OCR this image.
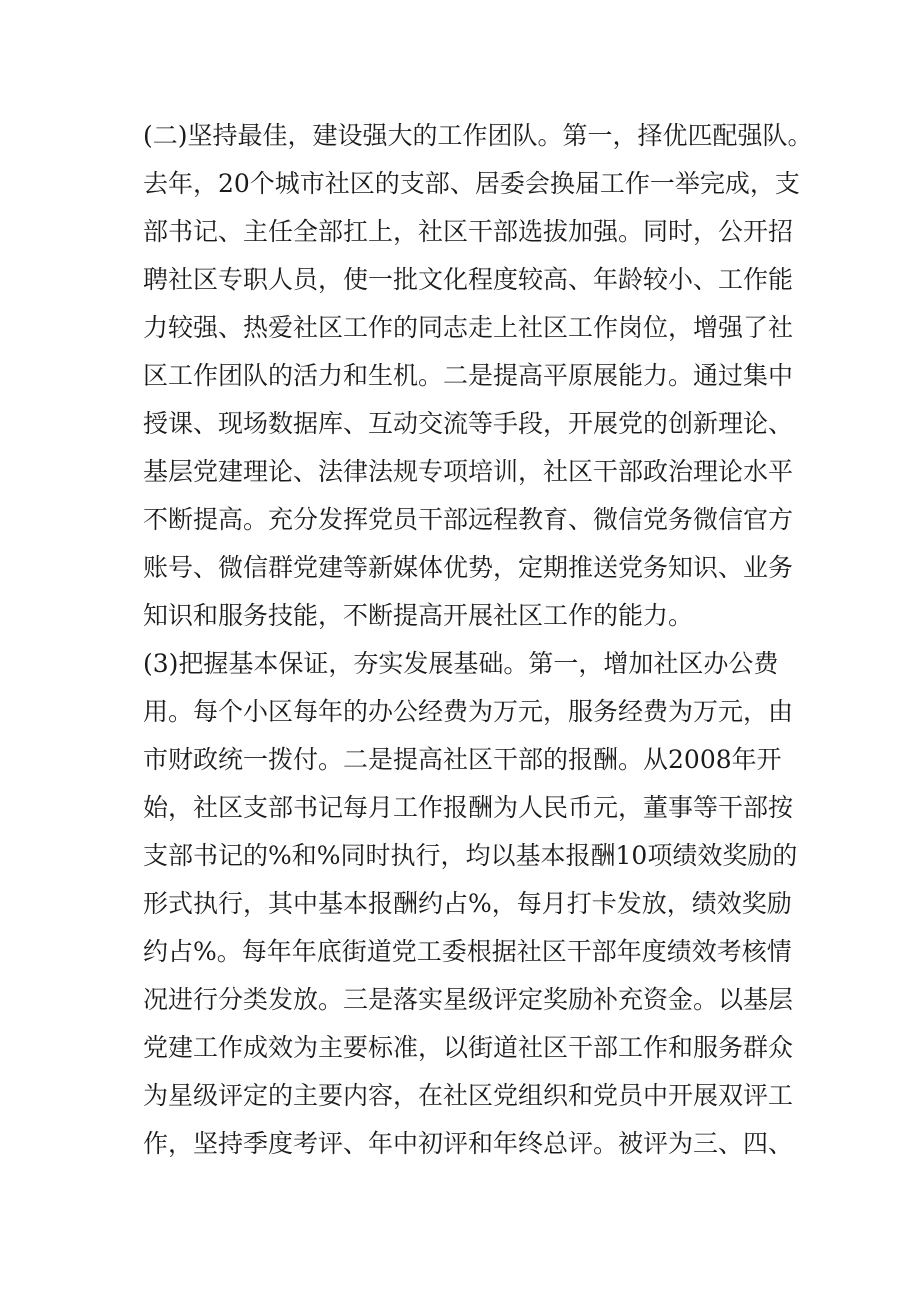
(二)坚持最佳，建设强大的工作团队。第一，择优匹配强队。
去年，20个城市社区的支部、居委会换届工作一举完成，支
部书记、主任全部扛上，社区干部选拔加强。同时，公开招
聘社区专职人员，使一批文化程度较高、年龄较小、工作能
力较强、热爱社区工作的同志走上社区工作岗位，增强了社
区工作团队的活力和生机。二是提高平原展能力。通过集中
授课、现场数据库、互动交流等手段，开展党的创新理论、
基层党建理论、法律法规专项培训，社区干部政治理论水平
不断提高。充分发挥党员干部远程教育、微信党务微信官方
账号、微信群党建等新媒体优势，定期推送党务知识、业务
知识和服务技能，不断提高开展社区工作的能力。
(3)把握基本保证，夯实发展基础。第一，增加社区办公费
用。每个小区每年的办公经费为万元，服务经费为万元，由
市财政统一拨付。二是提高社区干部的报酬。从2008年开
始，社区支部书记每月工作报酬为人民币元，董事等干部按
支部书记的%和%同时执行，均以基本报酬10项绩效奖励的
形式执行，其中基本报酬约占%，每月打卡发放，绩效奖励
约占%。每年年底街道党工委根据社区干部年度绩效考核情
况进行分类发放。三是落实星级评定奖励补充资金。以基层
党建工作成效为主要标准，以街道社区干部工作和服务群众
为星级评定的主要内容，在社区党组织和党员中开展双评工
作，坚持季度考评、年中初评和年终总评。被评为三、四、
